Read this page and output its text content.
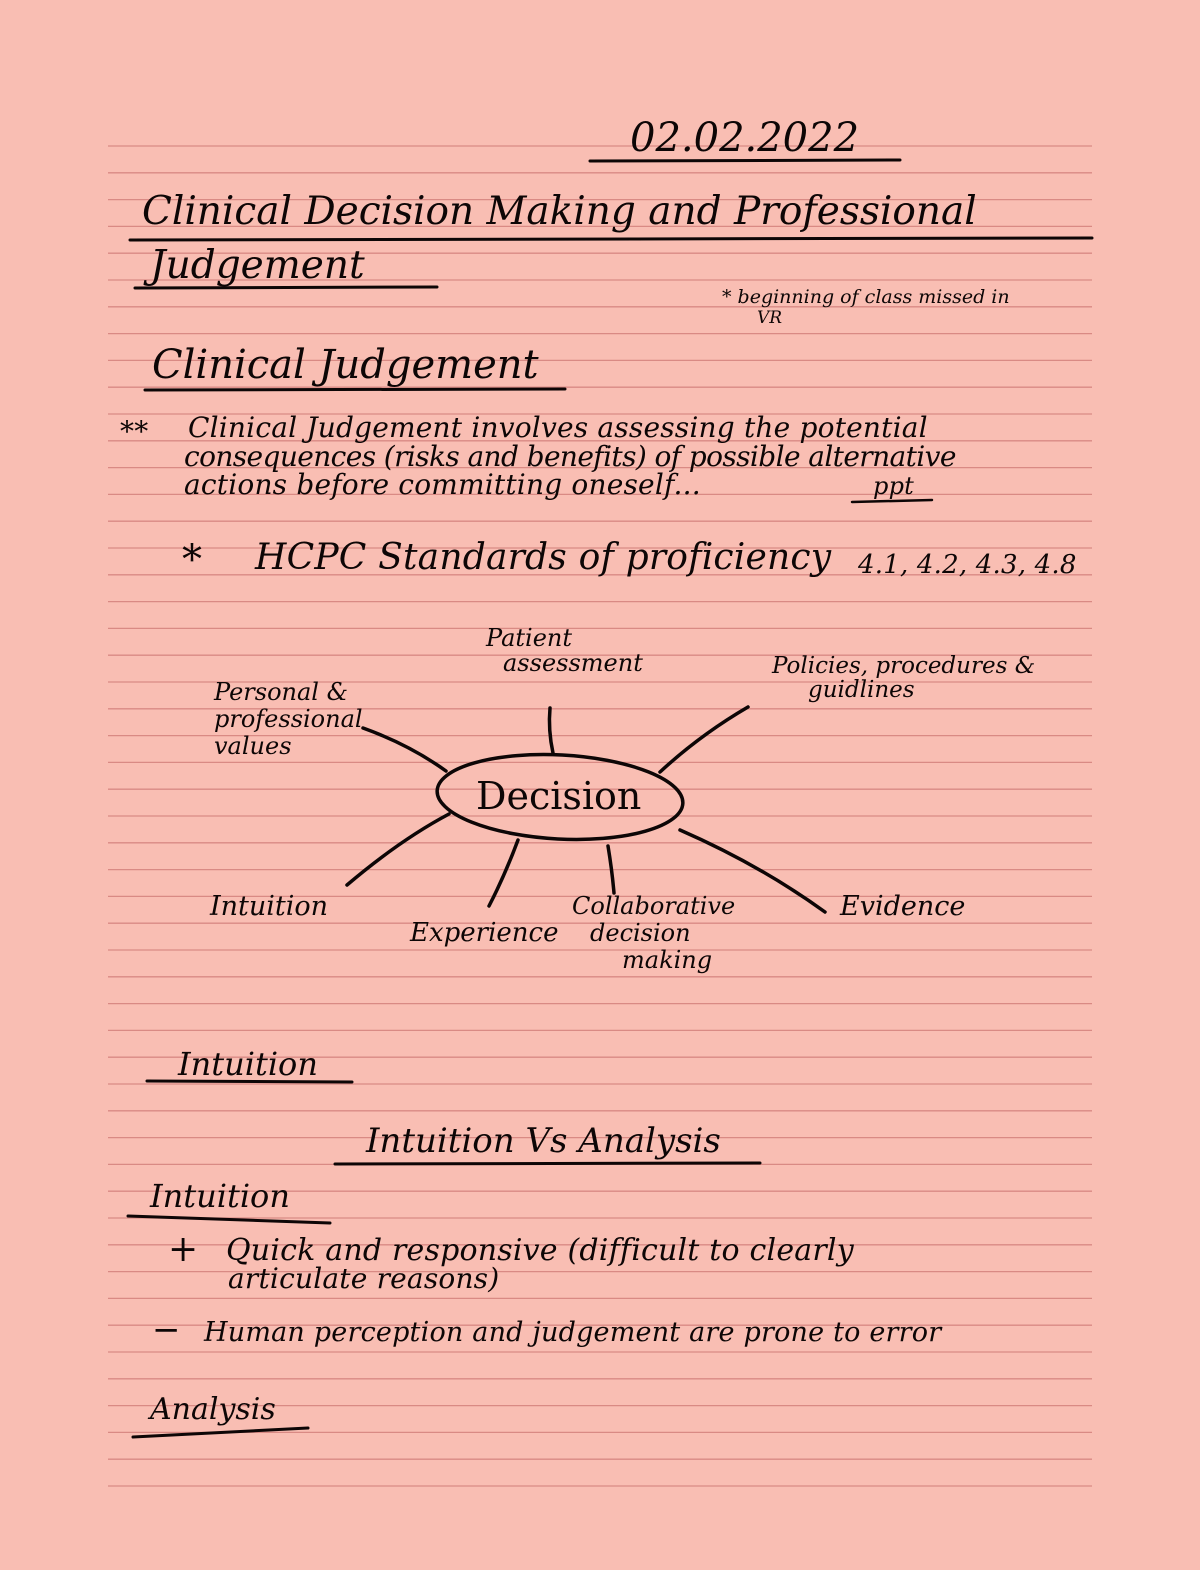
02.02.2022
Clinical Decision Making and Professional
Judgement
* beginning of class missed in
VR
Clinical Judgement
** Clinical Judgement involves assessing the potential
consequences (risks and benefits) of possible alternative
actions before committing oneself...	ppt
* HCPC Standards of proficiency 4.1, 4.2, 4.3, 4.8
Patient
assessment	Policies, procedures &
guidlines
Personal &
professional
values
Decision
Intuition
Experience
Collaborative
decision
making
Evidence
Intuition
Intuition Vs Analysis
Intuition
+ Quick and responsive (difficult to clearly
articulate reasons)
− Human perception and judgement are prone to error
Analysis
